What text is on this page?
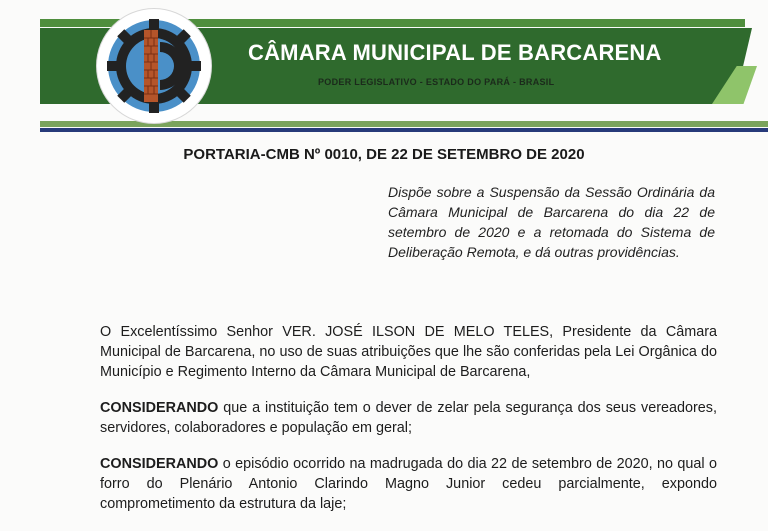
CÂMARA MUNICIPAL DE BARCARENA
PODER LEGISLATIVO - ESTADO DO PARÁ - BRASIL
PORTARIA-CMB Nº 0010, DE 22 DE SETEMBRO DE 2020
Dispõe sobre a Suspensão da Sessão Ordinária da Câmara Municipal de Barcarena do dia 22 de setembro de 2020 e a retomada do Sistema de Deliberação Remota, e dá outras providências.
O Excelentíssimo Senhor VER. JOSÉ ILSON DE MELO TELES, Presidente da Câmara Municipal de Barcarena, no uso de suas atribuições que lhe são conferidas pela Lei Orgânica do Município e Regimento Interno da Câmara Municipal de Barcarena,
CONSIDERANDO que a instituição tem o dever de zelar pela segurança dos seus vereadores, servidores, colaboradores e população em geral;
CONSIDERANDO o episódio ocorrido na madrugada do dia 22 de setembro de 2020, no qual o forro do Plenário Antonio Clarindo Magno Junior cedeu parcialmente, expondo comprometimento da estrutura da laje;
